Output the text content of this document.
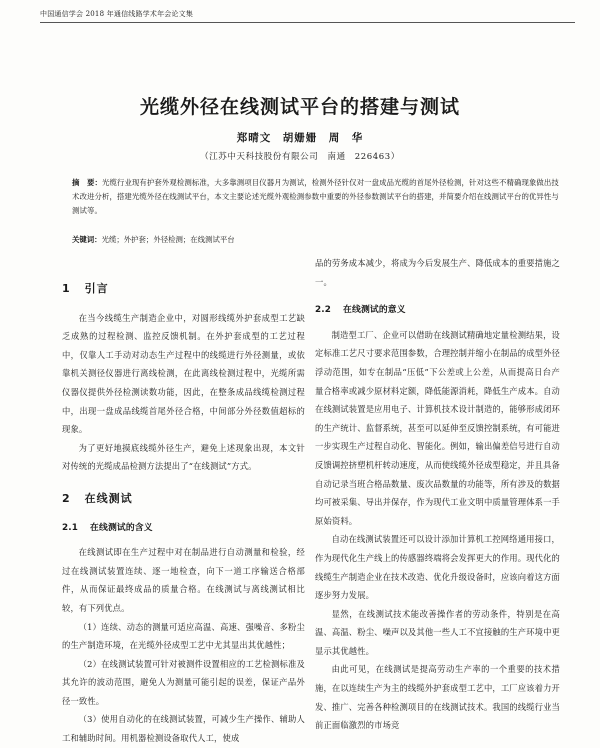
中国通信学会 2018 年通信线路学术年会论文集
光缆外径在线测试平台的搭建与测试
郑晴文　胡姗姗　周　华
（江苏中天科技股份有限公司　南通　226463）
摘　要：光缆行业现有护套外观检测标准，大多靠测项目仪器月为测试，检测外径针仅对一盘成品光缆的首尾外径检测，针对这些不精确现象做出技术改进分析，搭建光缆外径在线测试平台，本文主要论述光缆外观检测参数中重要的外径参数测试平台的搭建，并简要介绍在线测试平台的优异性与测试等。
关键词：光缆；外护套；外径检测；在线测试平台
1 引言

在当今线缆生产制造企业中，对圆形线缆外护套成型工艺缺乏成熟的过程检测、监控反馈机制。在外护套成型的工艺过程中，仅靠人工手动对动态生产过程中的线缆进行外径测量，或依靠机关测径仪器进行离线检测，在此离线检测过程中，光缆所需仪器仪提供外径检测读数功能，因此，在整条成品线缆检测过程中，出现一盘成品线缆首尾外径合格，中间部分外径数值超标的现象。

为了更好地摸底线缆外径生产，避免上述现象出现，本文针对传统的光缆成品检测方法提出了“在线测试”方式。

2 在线测试
2.1 在线测试的含义

在线测试即在生产过程中对在制品进行自动测量和检验，经过在线测试装置连续、逐一地检查，向下一道工序输送合格部件，从而保证最终成品的质量合格。在线测试与离线测试相比较，有下列优点。

（1）连续、动态的测量可适应高温、高速、强噪音、多粉尘的生产制造环境，在光缆外径成型工艺中尤其显出其优越性；

（2）在线测试装置可针对被测件设置相应的工艺检测标准及其允许的波动范围，避免人为测量可能引起的误差，保证产品外径一致性。

（3）使用自动化的在线测试装置，可减少生产操作、辅助人工和辅助时间。用机器检测设备取代人工，使成

品的劳务成本减少，将成为今后发展生产、降低成本的重要措施之一。

2.2 在线测试的意义

制造型工厂、企业可以借助在线测试精确地定量检测结果，设定标准工艺尺寸要求范围参数，合理控制并缩小在制品的成型外径浮动范围，如专在制品“压低”下公差或上公差，从而提高日台产量合格率或减少原材料定额，降低能源消耗，降低生产成本。自动在线测试装置是应用电子、计算机技术设计制造的，能够形成闭环的生产统计、监督系统，甚至可以延伸至反馈控制系统，有可能进一步实现生产过程自动化、智能化。例如，输出偏差信号进行自动反馈调控挤塑机杆转动速度，从而使线缆外径成型稳定，并且具备自动记录当班合格品数量、废次品数量的功能等，所有涉及的数据均可被采集、导出并保存，作为现代工业文明中质量管理体系一手原始资料。

自动在线测试装置还可以设计添加计算机工控网络通用接口，作为现代化生产线上的传感器终端将会发挥更大的作用。现代化的线缆生产制造企业在技术改造、优化升级设备时，应该向着这方面逐步努力发展。

显然，在线测试技术能改善操作者的劳动条件，特别是在高温、高温、粉尘、噪声以及其他一些人工不宜接触的生产环境中更显示其优越性。

由此可见，在线测试是提高劳动生产率的一个重要的技术措施，在以连续生产为主的线缆外护套成型工艺中，工厂应该着力开发、推广、完善各种检测项目的在线测试技术。我国的线缆行业当前正面临激烈的市场竞
